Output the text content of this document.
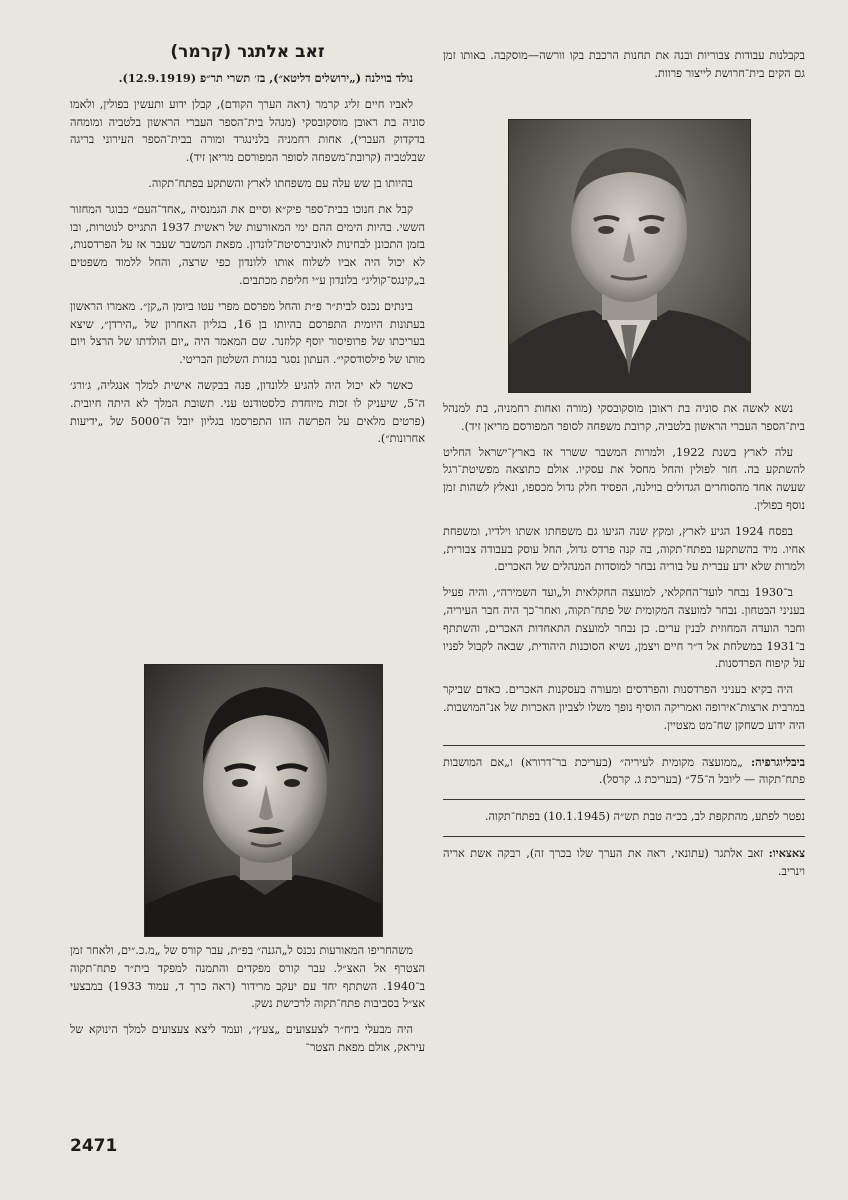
בקבלנות עבודות צבוריות ובנה את תחנות הרכבת בקו וורשה—מוסקבה. באותו זמן גם הקים בית־חרושת לייצור פרוות.

נשא לאשה את סוניה בת ראובן מוסקובסקי (מורה ואחות רחמניה, בת למנהל בית־הספר העברי הראשון בלטביה, קרובת משפחה לסופר המפורסם מריאן זיד).

עלה לארץ בשנת 1922, ולמרות המשבר ששרר אז בארץ־ישראל החליט להשתקע בה. חזר לפולין והחל מחסל את עסקיו. אולם כתוצאה מפשיטת־רגל שעשה אחד מהסוחרים הגדולים בוילנה, הפסיד חלק גדול מכספו, ונאלץ לשהות זמן נוסף בפולין.

בפסח 1924 הגיע לארץ, ומקץ שנה הגיעו גם משפחתו אשתו וילדיו, ומשפחת אחיו. מיד בהשתקעו בפתח־תקוה, בה קנה פרדס גדול, החל עוסק בעבודה צבורית, ולמרות שלא ידע עברית על בוריה נבחר למוסדות המנהלים של האכרים.

ב־1930 נבחר לועד־החקלאי, למועצה החקלאית ול„ועד השמירה״, והיה פעיל בעניני הבטחון. נבחר למועצה המקומית של פתח־תקוה, ואחר־כך היה חבר העיריה, וחבר הועדה המחוזית לבנין ערים. כן נבחר למועצת התאחדות האכרים, והשתתף ב־1931 במשלחת אל ד״ר חיים ויצמן, נשיא הסוכנות היהודית, שבאה לקבול לפניו על קיפוח הפרדסנות.

היה בקיא בעניני הפרדסנות והפרדסים ומעורה בעסקנות האכרים. כאדם שביקר במרבית ארצות־אירופה ואמריקה הוסיף נופך משלו לצביון האכרות של אנ־המושבות. היה ידוע כשחקן שח־מט מצטיין.

ביבליוגרפיה: „ממועצה מקומית לעיריה״ (בעריכת בר־דרורא) ו„אם המושבות פתח־תקוה — ליובל ה־75״ (בעריכת ג. קרסל).

נפטר לפתע, מהתקפת לב, בכ״ה טבת תש״ה (10.1.1945) בפתח־תקוה.

צאצאיו: זאב אלתגר (עתונאי, ראה את הערך שלו בכרך זה), רבקה אשת אריה וינריב.

זאב אלתגר (קרמר)

נולד בוילנה („ירושלים דליטא״), בז׳ תשרי תר״פ (12.9.1919).

לאביו חיים זליג קרמר (ראה הערך הקודם), קבלן ידוע ותעשין בפולין, ולאמו סוניה בת ראובן מוסקובסקי (מנהל בית־הספר העברי הראשון בלטביה ומומחה בדקדוק העברי), אחות רחמניה בלנינגרד ומורה בבית־הספר העירוני בריגה שבלטביה (קרובת־משפחה לסופר המפורסם מריאן זיד).

בהיותו בן שש עלה עם משפחתו לארץ והשתקע בפתח־תקוה.

קבל את חנוכו בבית־ספר פיק״א וסיים את הגמנסיה „אחד־העם״ כבוגר המחזור הששי. בהיות הימים ההם ימי המאורעות של ראשית 1937 התגייס לנוטרות, ובו בזמן התכונן לבחינות לאוניברסיטת־לונדון. מפאת המשבר שעבר אז על הפרדסנות, לא יכול היה אביו לשלוח אותו ללונדון כפי שרצה, והחל ללמוד משפטים ב„קינגס־קוליג״ בלונדון ע״י חליפת מכתבים.

בינתים נכנס לבית״ר פ״ת והחל מפרסם מפרי עטו ביומן ה„קן״. מאמרו הראשון בעתונות היומית התפרסם בהיותו בן 16, בגליון האחרון של „הירדן״, שיצא בעריכתו של פרופיסור יוסף קלוזנר. שם המאמר היה „יום הולדתו של הרצל ויום מותו של פילסודסקי״. העתון נסגר בגזרת השלטון הבריטי.

כאשר לא יכול היה להגיע ללונדון, פנה בבקשה אישית למלך אנגליה, ג׳ורג׳ ה־5, שיעניק לו זכות מיוחדת כלסטודנט עני. תשובת המלך לא היתה חיובית. (פרטים מלאים על הפרשה הזו התפרסמו בגליון יובל ה־5000 של „ידיעות אחרונות״).

משהחריפו המאורעות נכנס ל„הגנה״ בפ״ת, עבר קורס של „מ.כ.״ים, ולאחר זמן הצטרף אל האצ״ל. עבר קורס מפקדים והתמנה למפקד בית״ר פתח־תקוה ב־1940. השתתף יחד עם יעקב מרידור (ראה כרך ד, עמוד 1933) במבצעי אצ״ל בסביבות פתח־תקוה לרכישת נשק.

היה מבעלי ביח״ר לצעצועים „צעץ״, ועמד ליצא צעצועים למלך הינוקא של עיראק, אולם מפאת הצטר־

2471
